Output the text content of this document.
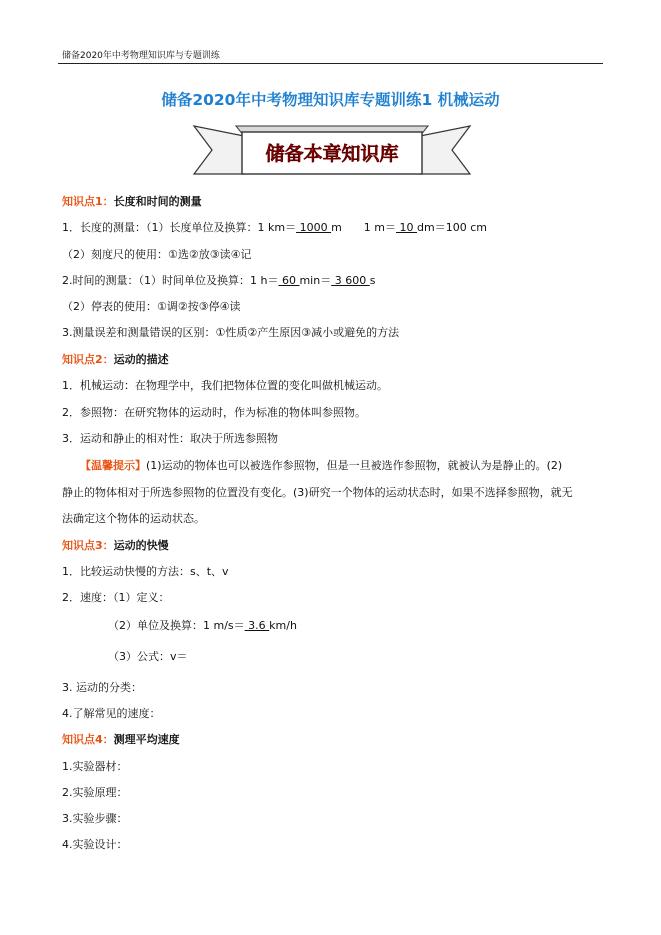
储备2020年中考物理知识库与专题训练
储备2020年中考物理知识库专题训练1 机械运动
储备本章知识库
知识点1：长度和时间的测量
1．长度的测量：（1）长度单位及换算：1 km＝ 1000 m　　1 m＝ 10 dm＝100 cm
（2）刻度尺的使用：①选②放③读④记
2.时间的测量：（1）时间单位及换算：1 h＝ 60 min＝ 3 600 s
（2）停表的使用：①调②按③停④读
3.测量误差和测量错误的区别：①性质②产生原因③减小或避免的方法
知识点2：运动的描述
1．机械运动：在物理学中，我们把物体位置的变化叫做机械运动。
2．参照物：在研究物体的运动时，作为标准的物体叫参照物。
3．运动和静止的相对性：取决于所选参照物
【温馨提示】(1)运动的物体也可以被选作参照物，但是一旦被选作参照物，就被认为是静止的。(2)
静止的物体相对于所选参照物的位置没有变化。(3)研究一个物体的运动状态时，如果不选择参照物，就无
法确定这个物体的运动状态。
知识点3：运动的快慢
1．比较运动快慢的方法：s、t、v
2．速度：（1）定义：
（2）单位及换算：1 m/s＝ 3.6 km/h
（3）公式：v＝
3. 运动的分类：
4.了解常见的速度：
知识点4：测理平均速度
1.实验器材：
2.实验原理：
3.实验步骤：
4.实验设计：
